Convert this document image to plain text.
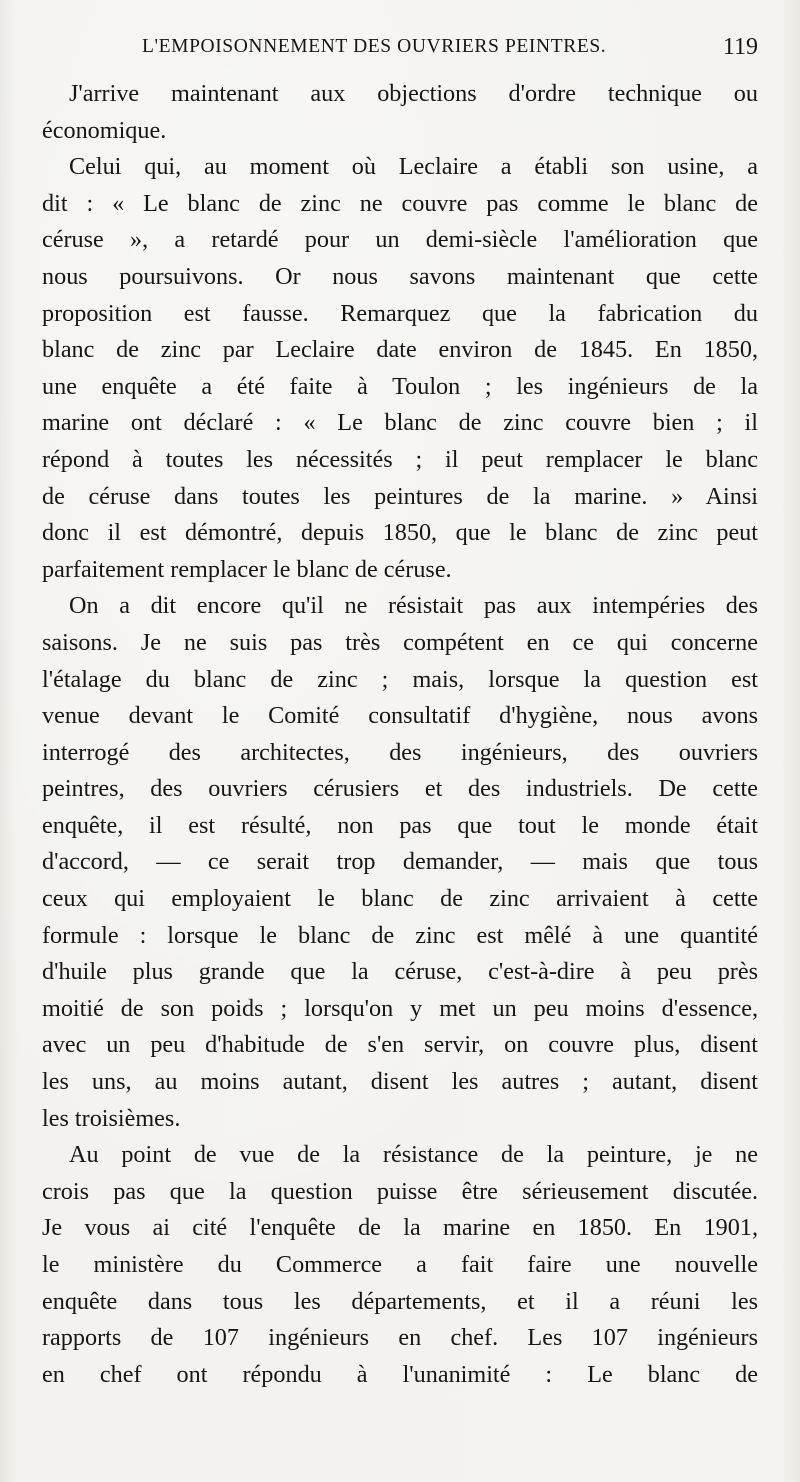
L'EMPOISONNEMENT DES OUVRIERS PEINTRES.	119
J'arrive maintenant aux objections d'ordre technique ou
économique.
Celui qui, au moment où Leclaire a établi son usine, a
dit : « Le blanc de zinc ne couvre pas comme le blanc de
céruse », a retardé pour un demi-siècle l'amélioration que
nous poursuivons. Or nous savons maintenant que cette
proposition est fausse. Remarquez que la fabrication du
blanc de zinc par Leclaire date environ de 1845. En 1850,
une enquête a été faite à Toulon ; les ingénieurs de la
marine ont déclaré : « Le blanc de zinc couvre bien ; il
répond à toutes les nécessités ; il peut remplacer le blanc
de céruse dans toutes les peintures de la marine. » Ainsi
donc il est démontré, depuis 1850, que le blanc de zinc peut
parfaitement remplacer le blanc de céruse.
On a dit encore qu'il ne résistait pas aux intempéries des
saisons. Je ne suis pas très compétent en ce qui concerne
l'étalage du blanc de zinc ; mais, lorsque la question est
venue devant le Comité consultatif d'hygiène, nous avons
interrogé des architectes, des ingénieurs, des ouvriers
peintres, des ouvriers cérusiers et des industriels. De cette
enquête, il est résulté, non pas que tout le monde était
d'accord, — ce serait trop demander, — mais que tous
ceux qui employaient le blanc de zinc arrivaient à cette
formule : lorsque le blanc de zinc est mêlé à une quantité
d'huile plus grande que la céruse, c'est-à-dire à peu près
moitié de son poids ; lorsqu'on y met un peu moins d'essence,
avec un peu d'habitude de s'en servir, on couvre plus, disent
les uns, au moins autant, disent les autres ; autant, disent
les troisièmes.
Au point de vue de la résistance de la peinture, je ne
crois pas que la question puisse être sérieusement discutée.
Je vous ai cité l'enquête de la marine en 1850. En 1901,
le ministère du Commerce a fait faire une nouvelle
enquête dans tous les départements, et il a réuni les
rapports de 107 ingénieurs en chef. Les 107 ingénieurs
en chef ont répondu à l'unanimité : Le blanc de
